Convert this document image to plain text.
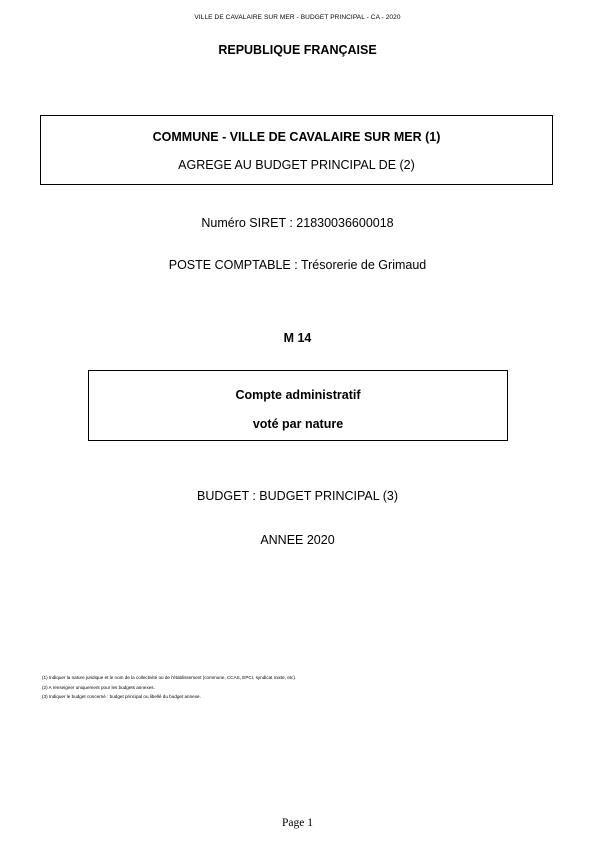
VILLE DE CAVALAIRE SUR MER - BUDGET PRINCIPAL - CA - 2020
REPUBLIQUE FRANÇAISE
COMMUNE - VILLE DE CAVALAIRE SUR MER (1)
AGREGE AU BUDGET PRINCIPAL DE (2)
Numéro SIRET : 21830036600018
POSTE COMPTABLE : Trésorerie de Grimaud
M 14
Compte administratif
voté par nature
BUDGET : BUDGET PRINCIPAL (3)
ANNEE 2020
(1) Indiquer la nature juridique et le nom de la collectivité ou de l'établissement (commune, CCAS, EPCI, syndicat mixte, etc).
(2) A renseigner uniquement pour les budgets annexes.
(3) Indiquer le budget concerné : budget principal ou libellé du budget annexe.
Page 1
